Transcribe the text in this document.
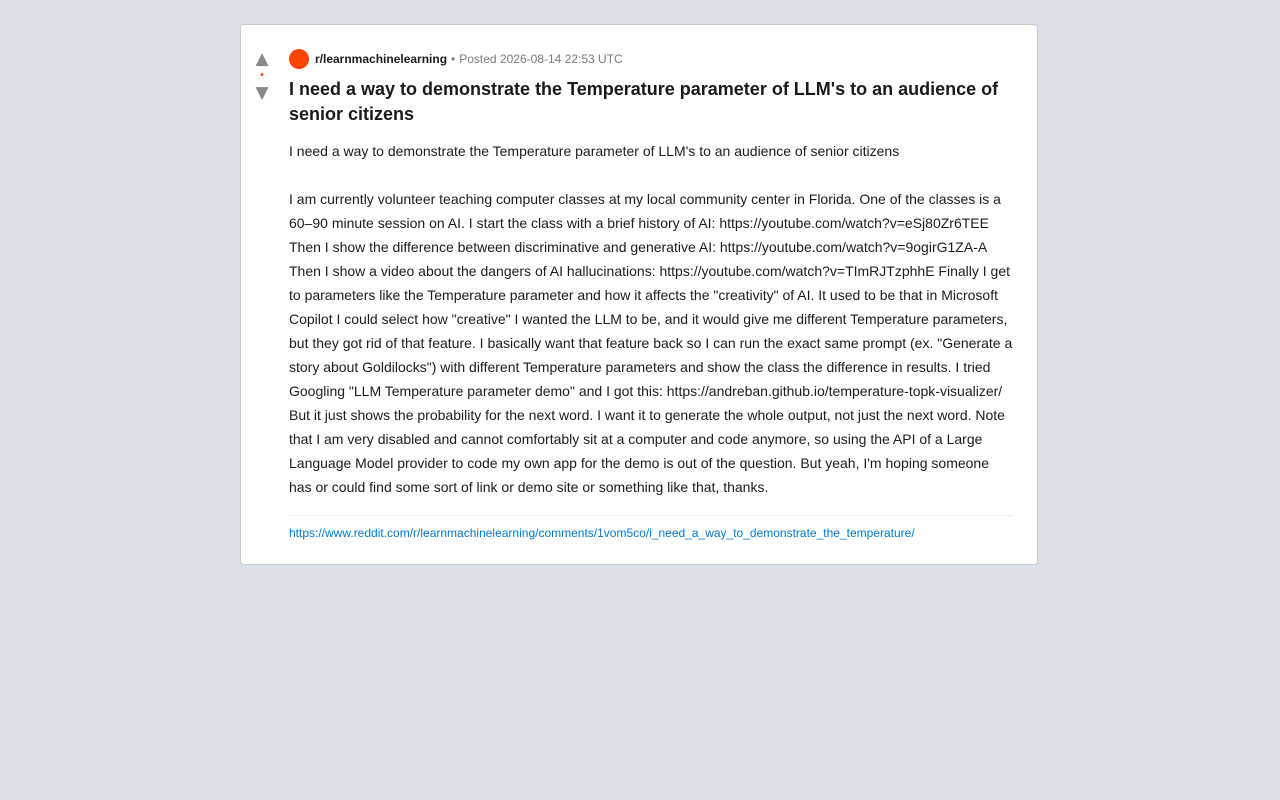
▲
•
▼
r/learnmachinelearning • Posted 2026-08-14 22:53 UTC
I need a way to demonstrate the Temperature parameter of LLM's to an audience of senior citizens

I need a way to demonstrate the Temperature parameter of LLM's to an audience of senior citizens

I am currently volunteer teaching computer classes at my local community center in Florida. One of the classes is a 60–90 minute session on AI. I start the class with a brief history of AI: https://youtube.com/watch?v=eSj80Zr6TEE Then I show the difference between discriminative and generative AI: https://youtube.com/watch?v=9ogirG1ZA-A Then I show a video about the dangers of AI hallucinations: https://youtube.com/watch?v=TImRJTzphhE Finally I get to parameters like the Temperature parameter and how it affects the "creativity" of AI. It used to be that in Microsoft Copilot I could select how "creative" I wanted the LLM to be, and it would give me different Temperature parameters, but they got rid of that feature. I basically want that feature back so I can run the exact same prompt (ex. "Generate a story about Goldilocks") with different Temperature parameters and show the class the difference in results. I tried Googling "LLM Temperature parameter demo" and I got this: https://andreban.github.io/temperature-topk-visualizer/ But it just shows the probability for the next word. I want it to generate the whole output, not just the next word. Note that I am very disabled and cannot comfortably sit at a computer and code anymore, so using the API of a Large Language Model provider to code my own app for the demo is out of the question. But yeah, I'm hoping someone has or could find some sort of link or demo site or something like that, thanks.

https://www.reddit.com/r/learnmachinelearning/comments/1vom5co/i_need_a_way_to_demonstrate_the_temperature/
